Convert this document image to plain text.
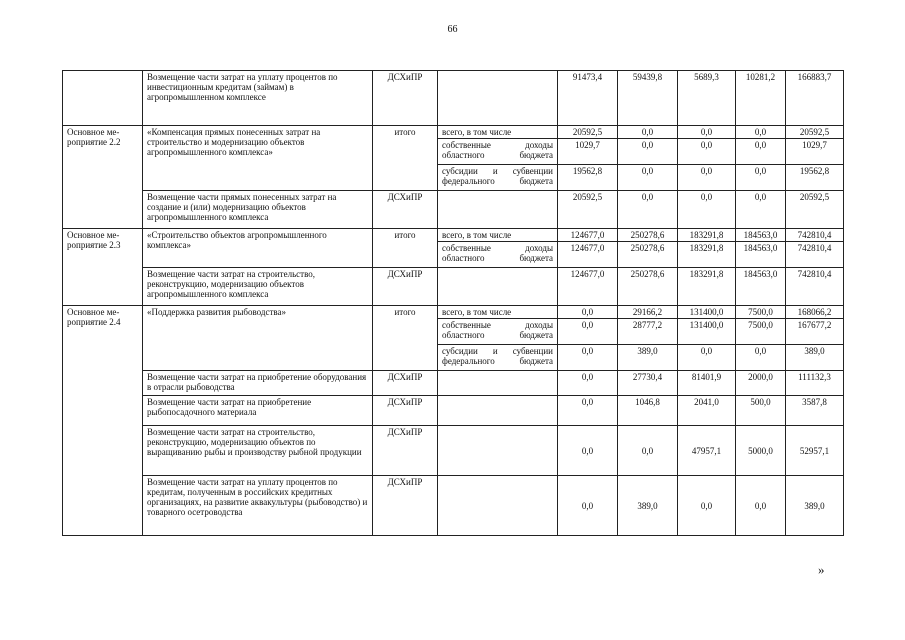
66
	Возмещение части затрат на уплату процентов по инвестиционным кредитам (займам) в агропромышленном комплексе	ДСХиПР		91473,4	59439,8	5689,3	10281,2	166883,7
Основное мероприятие 2.2	«Компенсация прямых понесенных затрат на строительство и модернизацию объектов агропромышленного комплекса»	итого	всего, в том числе	20592,5	0,0	0,0	0,0	20592,5
			собственные доходы областного бюджета	1029,7	0,0	0,0	0,0	1029,7
			субсидии и субвенции федерального бюджета	19562,8	0,0	0,0	0,0	19562,8
	Возмещение части прямых понесенных затрат на создание и (или) модернизацию объектов агропромышленного комплекса	ДСХиПР		20592,5	0,0	0,0	0,0	20592,5
Основное мероприятие 2.3	«Строительство объектов агропромышленного комплекса»	итого	всего, в том числе	124677,0	250278,6	183291,8	184563,0	742810,4
			собственные доходы областного бюджета	124677,0	250278,6	183291,8	184563,0	742810,4
	Возмещение части затрат на строительство, реконструкцию, модернизацию объектов агропромышленного комплекса	ДСХиПР		124677,0	250278,6	183291,8	184563,0	742810,4
Основное мероприятие 2.4	«Поддержка развития рыбоводства»	итого	всего, в том числе	0,0	29166,2	131400,0	7500,0	168066,2
			собственные доходы областного бюджета	0,0	28777,2	131400,0	7500,0	167677,2
			субсидии и субвенции федерального бюджета	0,0	389,0	0,0	0,0	389,0
	Возмещение части затрат на приобретение оборудования в отрасли рыбоводства	ДСХиПР		0,0	27730,4	81401,9	2000,0	111132,3
	Возмещение части затрат на приобретение рыбопосадочного материала	ДСХиПР		0,0	1046,8	2041,0	500,0	3587,8
	Возмещение части затрат на строительство, реконструкцию, модернизацию объектов по выращиванию рыбы и производству рыбной продукции	ДСХиПР		0,0	0,0	47957,1	5000,0	52957,1
	Возмещение части затрат на уплату процентов по кредитам, полученным в российских кредитных организациях, на развитие аквакультуры (рыбоводство) и товарного осетроводства	ДСХиПР		0,0	389,0	0,0	0,0	389,0
»
